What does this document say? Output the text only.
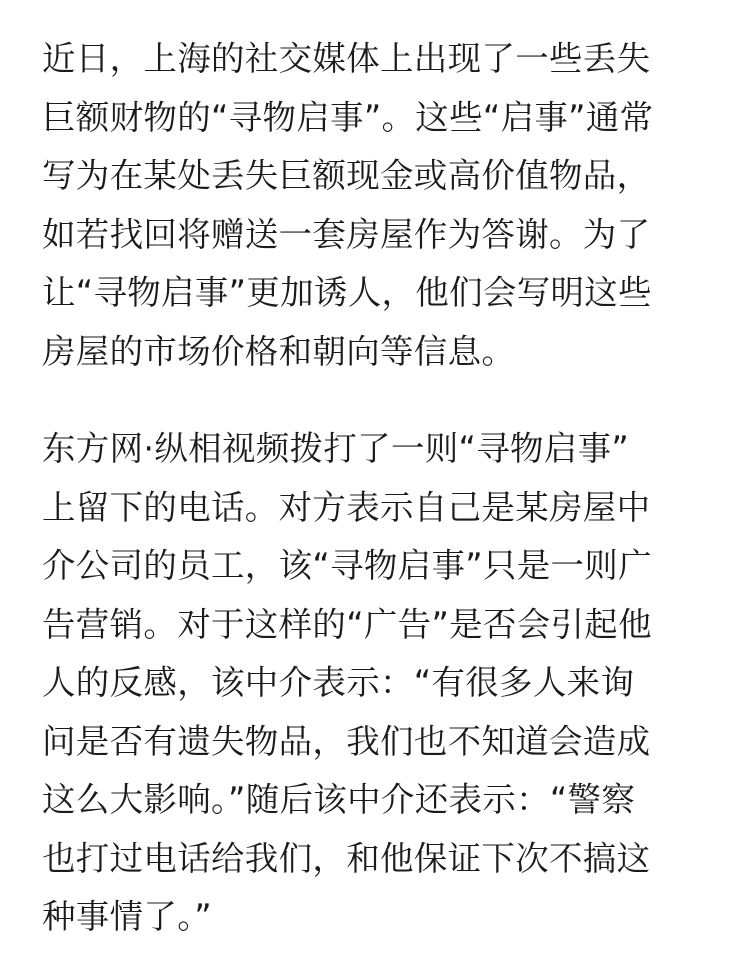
近日，上海的社交媒体上出现了一些丢失
巨额财物的“寻物启事”。这些“启事”通常
写为在某处丢失巨额现金或高价值物品，
如若找回将赠送一套房屋作为答谢。为了
让“寻物启事”更加诱人，他们会写明这些
房屋的市场价格和朝向等信息。

东方网·纵相视频拨打了一则“寻物启事”
上留下的电话。对方表示自己是某房屋中
介公司的员工，该“寻物启事”只是一则广
告营销。对于这样的“广告”是否会引起他
人的反感，该中介表示：“有很多人来询
问是否有遗失物品，我们也不知道会造成
这么大影响。”随后该中介还表示：“警察
也打过电话给我们，和他保证下次不搞这
种事情了。”
